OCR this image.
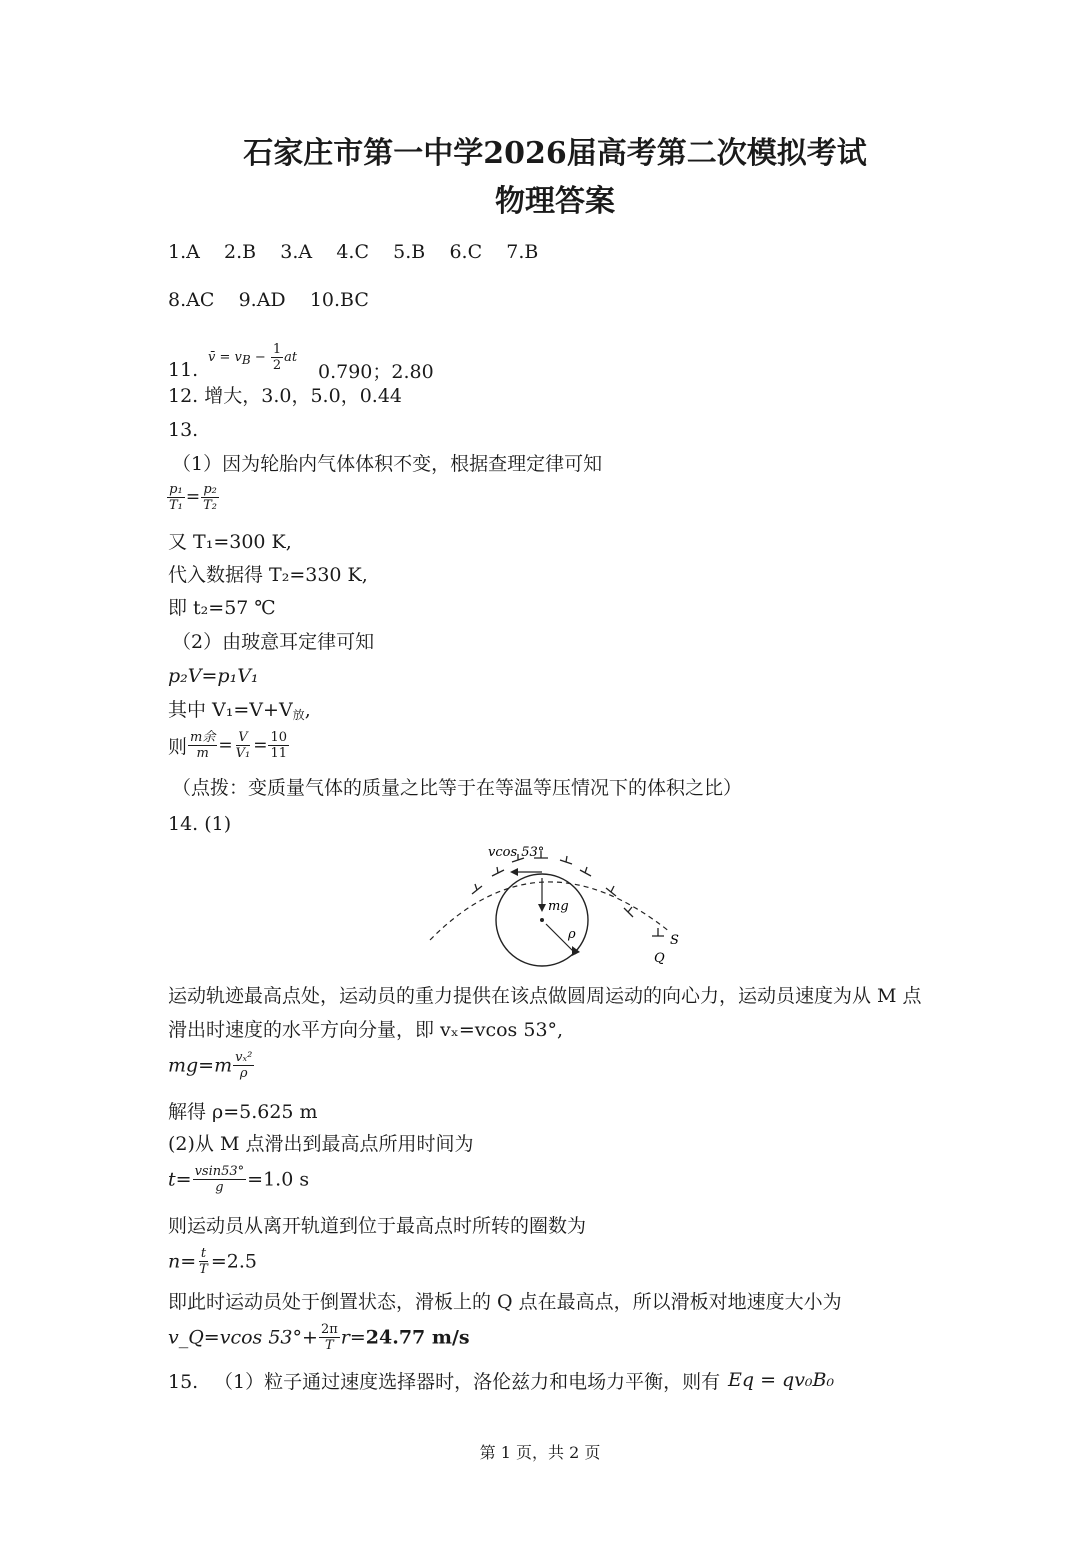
石家庄市第一中学2026届高考第二次模拟考试
物理答案
1.A 2.B 3.A 4.C 5.B 6.C 7.B
8.AC 9.AD 10.BC
11.
v̄ = vB − $\frac{1}{2}$ at
0.790；2.80
12. 增大，3.0，5.0，0.44
13.
（1）因为轮胎内气体体积不变，根据查理定律可知
$\frac{\text{p₁}}{\text{T₁}} = \frac{\text{p₂}}{\text{T₂}}$
又 T₁=300 K,
代入数据得 T₂=330 K,
即 t₂=57 ℃
（2）由玻意耳定律可知
p₂V=p₁V₁
其中 $V_1=V+V_放$,
则 $\frac{\text{m余}}{m} = \frac{V}{\text{V₁}} = \frac{10}{11}$
（点拨：变质量气体的质量之比等于在等温等压情况下的体积之比）
14. (1)
vcos 53°
mg
ρ	S
Q
运动轨迹最高点处，运动员的重力提供在该点做圆周运动的向心力，运动员速度为从 M 点
滑出时速度的水平方向分量，即 vₓ=vcos 53°,
$mg=m \frac{\text{vₓ²}}{\rho}$
解得 ρ=5.625 m
(2)从 M 点滑出到最高点所用时间为
$t= \frac{vsin53^\circ}{g} =1.0$ s
则运动员从离开轨道到位于最高点时所转的圈数为
$n= \frac{t}{T} =2.5$
即此时运动员处于倒置状态，滑板上的 Q 点在最高点，所以滑板对地速度大小为
v_Q=vcos $53^\circ+ \frac{2\pi}{T} r=24.77$ m/s
15. （1）粒子通过速度选择器时，洛伦兹力和电场力平衡，则有 Eq = qv₀B₀
第 1 页，共 2 页
